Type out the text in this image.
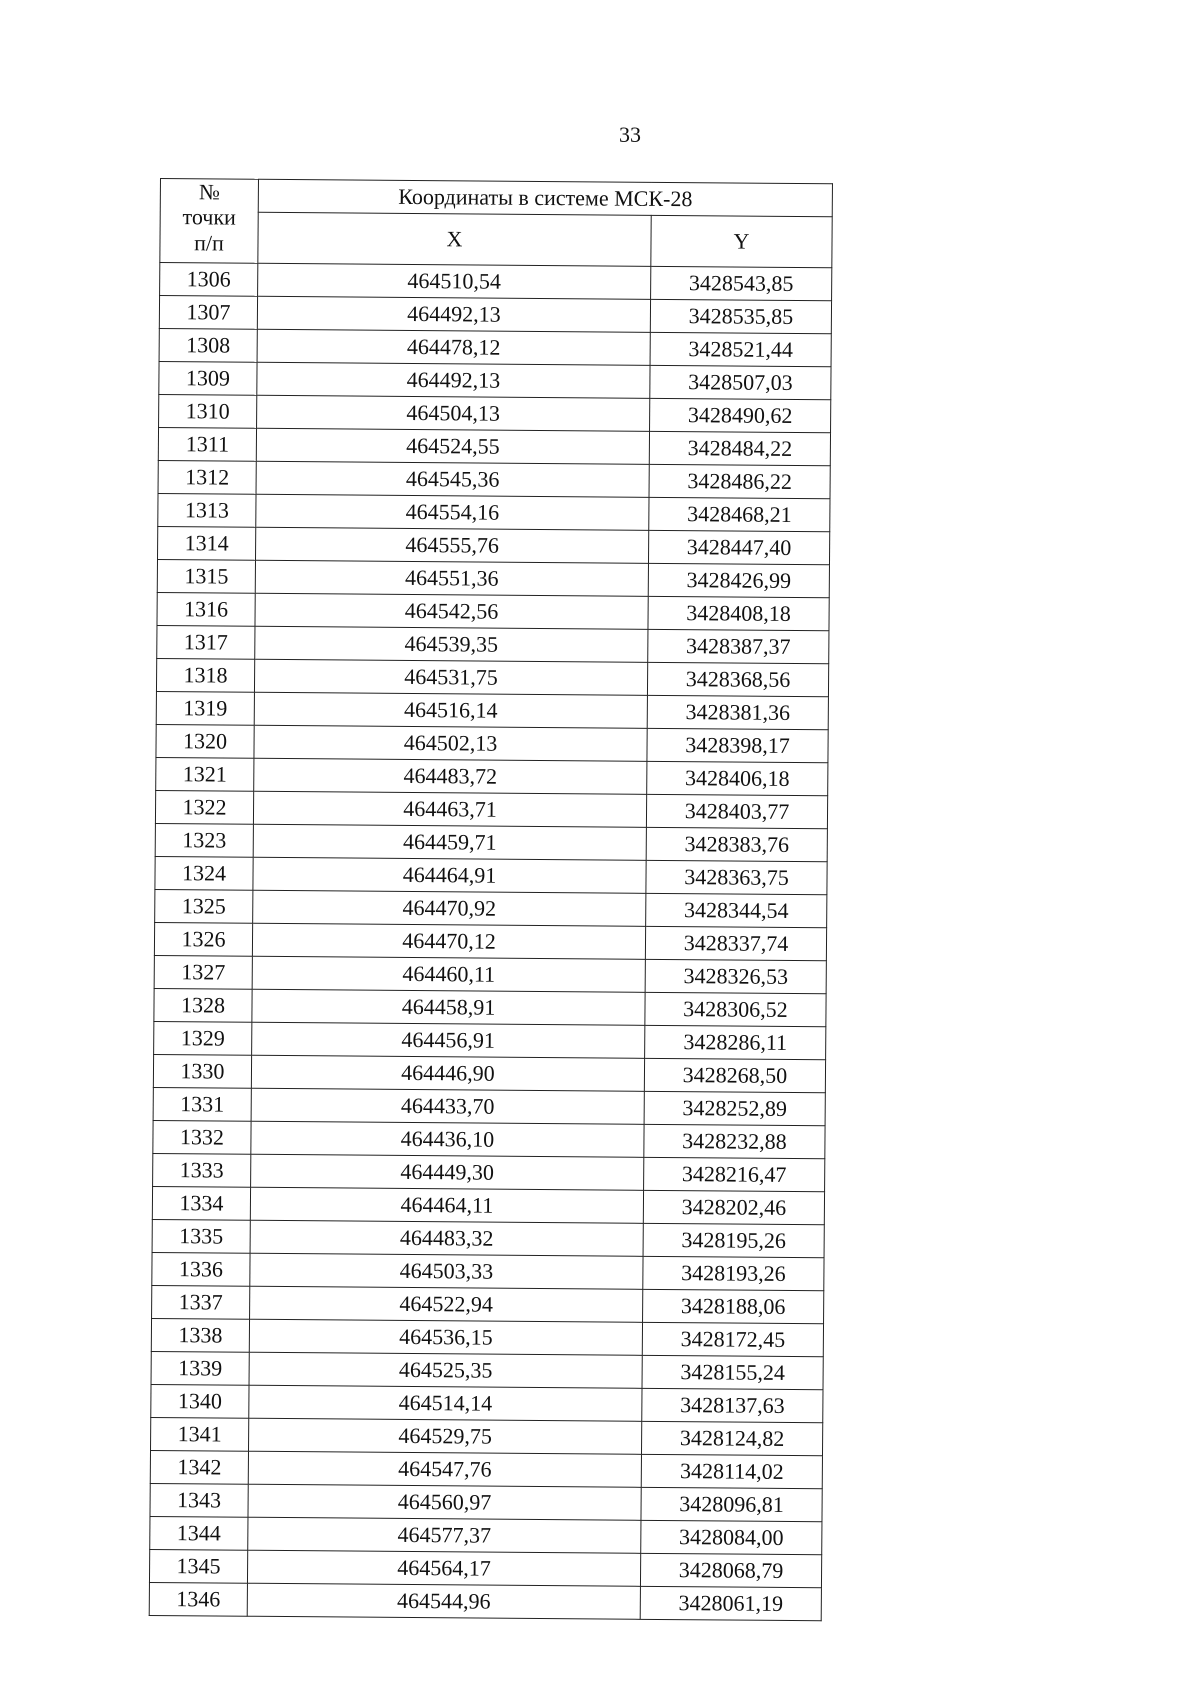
33
№
точки
п/п	Координаты в системе МСК-28	
	X	Y
1306	464510,54	3428543,85
1307	464492,13	3428535,85
1308	464478,12	3428521,44
1309	464492,13	3428507,03
1310	464504,13	3428490,62
1311	464524,55	3428484,22
1312	464545,36	3428486,22
1313	464554,16	3428468,21
1314	464555,76	3428447,40
1315	464551,36	3428426,99
1316	464542,56	3428408,18
1317	464539,35	3428387,37
1318	464531,75	3428368,56
1319	464516,14	3428381,36
1320	464502,13	3428398,17
1321	464483,72	3428406,18
1322	464463,71	3428403,77
1323	464459,71	3428383,76
1324	464464,91	3428363,75
1325	464470,92	3428344,54
1326	464470,12	3428337,74
1327	464460,11	3428326,53
1328	464458,91	3428306,52
1329	464456,91	3428286,11
1330	464446,90	3428268,50
1331	464433,70	3428252,89
1332	464436,10	3428232,88
1333	464449,30	3428216,47
1334	464464,11	3428202,46
1335	464483,32	3428195,26
1336	464503,33	3428193,26
1337	464522,94	3428188,06
1338	464536,15	3428172,45
1339	464525,35	3428155,24
1340	464514,14	3428137,63
1341	464529,75	3428124,82
1342	464547,76	3428114,02
1343	464560,97	3428096,81
1344	464577,37	3428084,00
1345	464564,17	3428068,79
1346	464544,96	3428061,19
